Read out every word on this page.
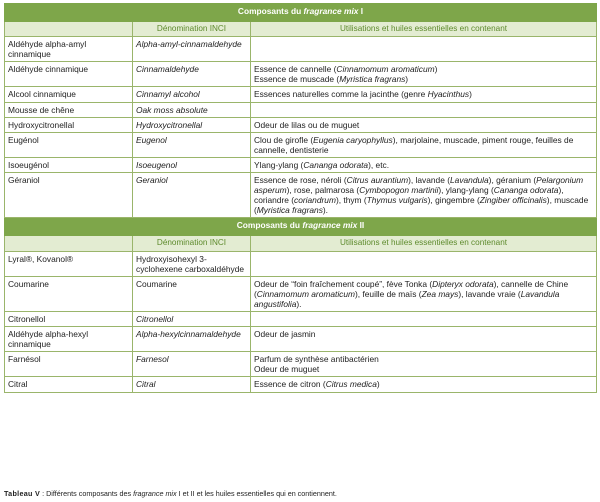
Composants du fragrance mix I		
	Dénomination INCI	Utilisations et huiles essentielles en contenant
Aldéhyde alpha-amyl cinnamique	Alpha-amyl-cinnamaldehyde	
Aldéhyde cinnamique	Cinnamaldehyde	Essence de cannelle (Cinnamomum aromaticum)
Essence de muscade (Myristica fragrans)

Alcool cinnamique	Cinnamyl alcohol	Essences naturelles comme la jacinthe (genre Hyacinthus)

Mousse de chêne	Oak moss absolute	
Hydroxycitronellal	Hydroxycitronellal	Odeur de lilas ou de muguet

Eugénol	Eugenol	Clou de girofle (Eugenia caryophyllus), marjolaine, muscade, piment rouge, feuilles de cannelle, dentisterie

Isoeugénol	Isoeugenol	Ylang-ylang (Cananga odorata), etc.

Géraniol	Geraniol	Essence de rose, néroli (Citrus aurantium), lavande (Lavandula), géranium (Pelargonium asperum), rose, palmarosa (Cymbopogon martinii), ylang-ylang (Cananga odorata), coriandre (coriandrum), thym (Thymus vulgaris), gingembre (Zingiber officinalis), muscade (Myristica fragrans).

Composants du fragrance mix II		
	Dénomination INCI	Utilisations et huiles essentielles en contenant
Lyral®, Kovanol®	Hydroxyisohexyl 3-cyclohexene carboxaldéhyde	
Coumarine	Coumarine	Odeur de “foin fraîchement coupé”, fève Tonka (Dipteryx odorata), cannelle de Chine (Cinnamomum aromaticum), feuille de maïs (Zea mays), lavande vraie (Lavandula angustifolia).

Citronellol	Citronellol	
Aldéhyde alpha-hexyl cinnamique	Alpha-hexylcinnamaldehyde	Odeur de jasmin

Farnésol	Farnesol	Parfum de synthèse antibactérien
Odeur de muguet

Citral	Citral	Essence de citron (Citrus medica)
Tableau V : Différents composants des fragrance mix I et II et les huiles essentielles qui en contiennent.
